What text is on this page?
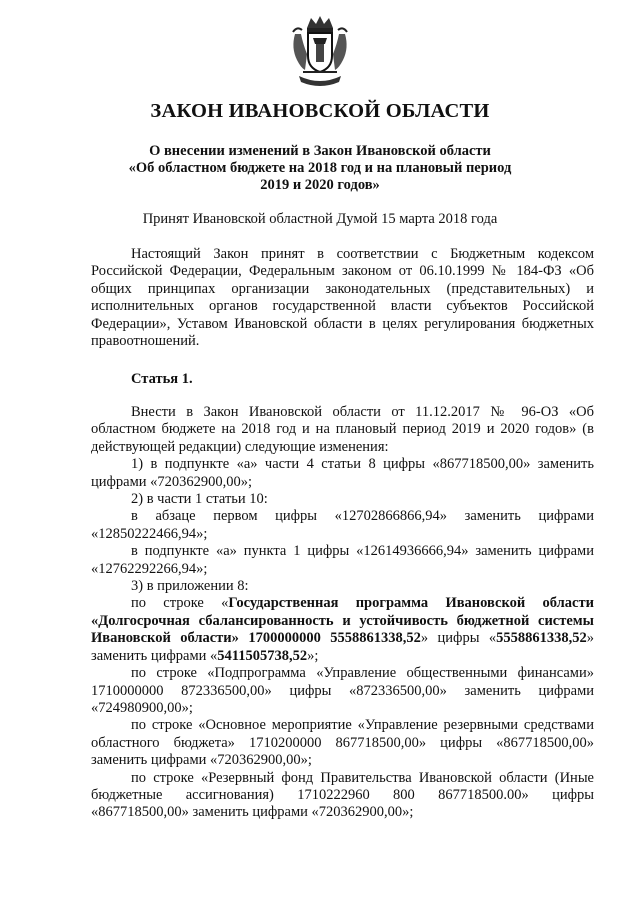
ЗАКОН ИВАНОВСКОЙ ОБЛАСТИ
О внесении изменений в Закон Ивановской области
«Об областном бюджете на 2018 год и на плановый период
2019 и 2020 годов»
Принят Ивановской областной Думой 15 марта 2018 года

Настоящий Закон принят в соответствии с Бюджетным кодексом Российской Федерации, Федеральным законом от 06.10.1999 № 184-ФЗ «Об общих принципах организации законодательных (представительных) и исполнительных органов государственной власти субъектов Российской Федерации», Уставом Ивановской области в целях регулирования бюджетных правоотношений.

Статья 1.

Внести в Закон Ивановской области от 11.12.2017 № 96-ОЗ «Об областном бюджете на 2018 год и на плановый период 2019 и 2020 годов» (в действующей редакции) следующие изменения:

1) в подпункте «а» части 4 статьи 8 цифры «867718500,00» заменить цифрами «720362900,00»;

2) в части 1 статьи 10:

в абзаце первом цифры «12702866866,94» заменить цифрами «12850222466,94»;

в подпункте «а» пункта 1 цифры «12614936666,94» заменить цифрами «12762292266,94»;

3) в приложении 8:

по строке «Государственная программа Ивановской области «Долгосрочная сбалансированность и устойчивость бюджетной системы Ивановской области» 1700000000 5558861338,52» цифры «5558861338,52» заменить цифрами «5411505738,52»;

по строке «Подпрограмма «Управление общественными финансами» 1710000000 872336500,00» цифры «872336500,00» заменить цифрами «724980900,00»;

по строке «Основное мероприятие «Управление резервными средствами областного бюджета» 1710200000 867718500,00» цифры «867718500,00» заменить цифрами «720362900,00»;

по строке «Резервный фонд Правительства Ивановской области (Иные бюджетные ассигнования) 1710222960 800 867718500.00» цифры «867718500,00» заменить цифрами «720362900,00»;
